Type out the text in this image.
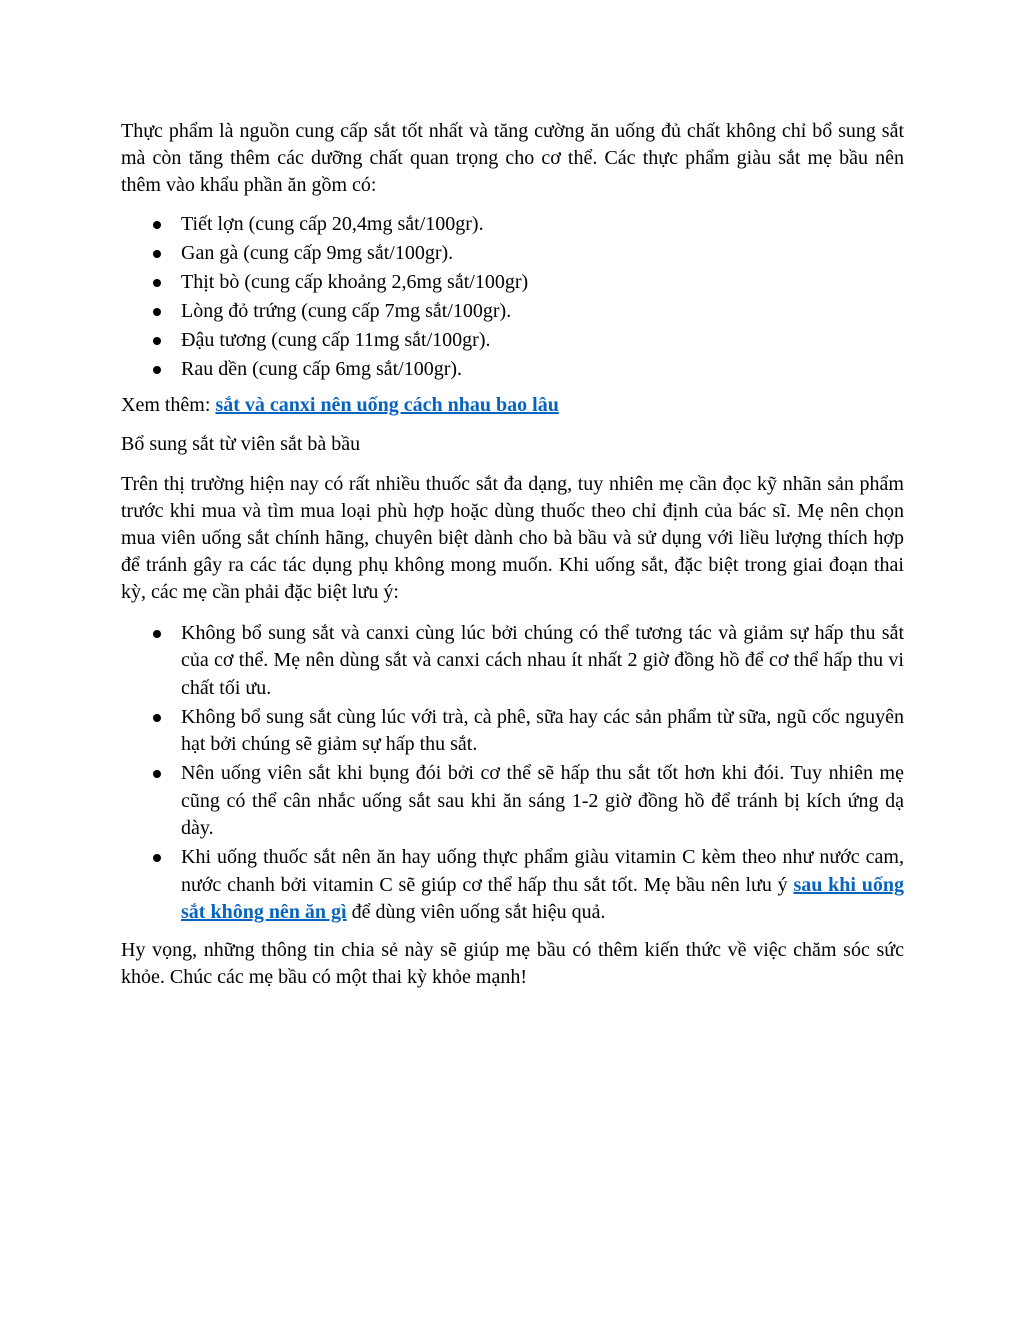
Thực phẩm là nguồn cung cấp sắt tốt nhất và tăng cường ăn uống đủ chất không chỉ bổ sung sắt mà còn tăng thêm các dưỡng chất quan trọng cho cơ thể. Các thực phẩm giàu sắt mẹ bầu nên thêm vào khẩu phần ăn gồm có:

Tiết lợn (cung cấp 20,4mg sắt/100gr).
Gan gà (cung cấp 9mg sắt/100gr).
Thịt bò (cung cấp khoảng 2,6mg sắt/100gr)
Lòng đỏ trứng (cung cấp 7mg sắt/100gr).
Đậu tương (cung cấp 11mg sắt/100gr).
Rau dền (cung cấp 6mg sắt/100gr).

Xem thêm: sắt và canxi nên uống cách nhau bao lâu

Bổ sung sắt từ viên sắt bà bầu

Trên thị trường hiện nay có rất nhiều thuốc sắt đa dạng, tuy nhiên mẹ cần đọc kỹ nhãn sản phẩm trước khi mua và tìm mua loại phù hợp hoặc dùng thuốc theo chỉ định của bác sĩ. Mẹ nên chọn mua viên uống sắt chính hãng, chuyên biệt dành cho bà bầu và sử dụng với liều lượng thích hợp để tránh gây ra các tác dụng phụ không mong muốn. Khi uống sắt, đặc biệt trong giai đoạn thai kỳ, các mẹ cần phải đặc biệt lưu ý:

Không bổ sung sắt và canxi cùng lúc bởi chúng có thể tương tác và giảm sự hấp thu sắt của cơ thể. Mẹ nên dùng sắt và canxi cách nhau ít nhất 2 giờ đồng hồ để cơ thể hấp thu vi chất tối ưu.
Không bổ sung sắt cùng lúc với trà, cà phê, sữa hay các sản phẩm từ sữa, ngũ cốc nguyên hạt bởi chúng sẽ giảm sự hấp thu sắt.
Nên uống viên sắt khi bụng đói bởi cơ thể sẽ hấp thu sắt tốt hơn khi đói. Tuy nhiên mẹ cũng có thể cân nhắc uống sắt sau khi ăn sáng 1-2 giờ đồng hồ để tránh bị kích ứng dạ dày.
Khi uống thuốc sắt nên ăn hay uống thực phẩm giàu vitamin C kèm theo như nước cam, nước chanh bởi vitamin C sẽ giúp cơ thể hấp thu sắt tốt. Mẹ bầu nên lưu ý sau khi uống sắt không nên ăn gì để dùng viên uống sắt hiệu quả.

Hy vọng, những thông tin chia sẻ này sẽ giúp mẹ bầu có thêm kiến thức về việc chăm sóc sức khỏe. Chúc các mẹ bầu có một thai kỳ khỏe mạnh!
